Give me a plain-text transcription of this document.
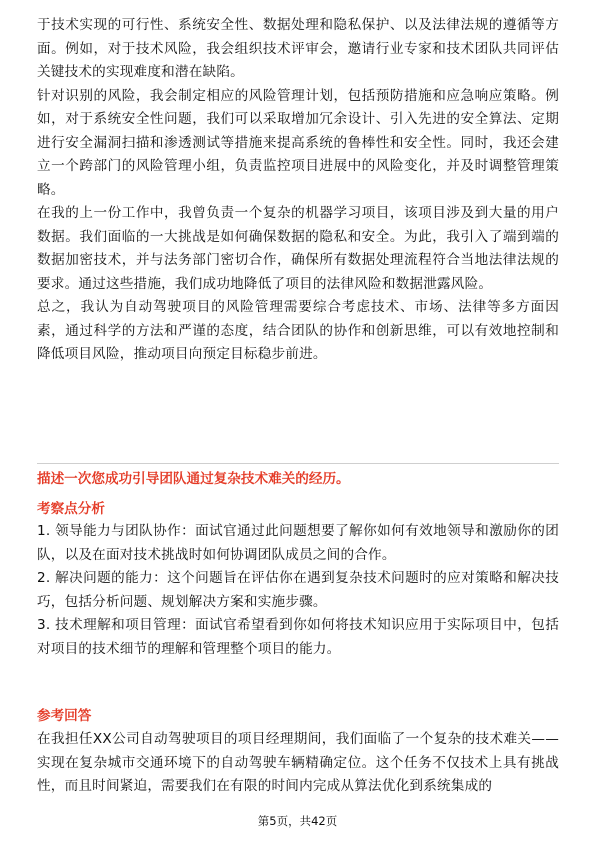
于技术实现的可行性、系统安全性、数据处理和隐私保护、以及法律法规的遵循等方面。例如，对于技术风险，我会组织技术评审会，邀请行业专家和技术团队共同评估关键技术的实现难度和潜在缺陷。

针对识别的风险，我会制定相应的风险管理计划，包括预防措施和应急响应策略。例如，对于系统安全性问题，我们可以采取增加冗余设计、引入先进的安全算法、定期进行安全漏洞扫描和渗透测试等措施来提高系统的鲁棒性和安全性。同时，我还会建立一个跨部门的风险管理小组，负责监控项目进展中的风险变化，并及时调整管理策略。

在我的上一份工作中，我曾负责一个复杂的机器学习项目，该项目涉及到大量的用户数据。我们面临的一大挑战是如何确保数据的隐私和安全。为此，我引入了端到端的数据加密技术，并与法务部门密切合作，确保所有数据处理流程符合当地法律法规的要求。通过这些措施，我们成功地降低了项目的法律风险和数据泄露风险。

总之，我认为自动驾驶项目的风险管理需要综合考虑技术、市场、法律等多方面因素，通过科学的方法和严谨的态度，结合团队的协作和创新思维，可以有效地控制和降低项目风险，推动项目向预定目标稳步前进。

描述一次您成功引导团队通过复杂技术难关的经历。

考察点分析

1. 领导能力与团队协作：面试官通过此问题想要了解你如何有效地领导和激励你的团队，以及在面对技术挑战时如何协调团队成员之间的合作。

2. 解决问题的能力：这个问题旨在评估你在遇到复杂技术问题时的应对策略和解决技巧，包括分析问题、规划解决方案和实施步骤。

3. 技术理解和项目管理：面试官希望看到你如何将技术知识应用于实际项目中，包括对项目的技术细节的理解和管理整个项目的能力。

参考回答

在我担任XX公司自动驾驶项目的项目经理期间，我们面临了一个复杂的技术难关——实现在复杂城市交通环境下的自动驾驶车辆精确定位。这个任务不仅技术上具有挑战性，而且时间紧迫，需要我们在有限的时间内完成从算法优化到系统集成的

第5页，共42页
